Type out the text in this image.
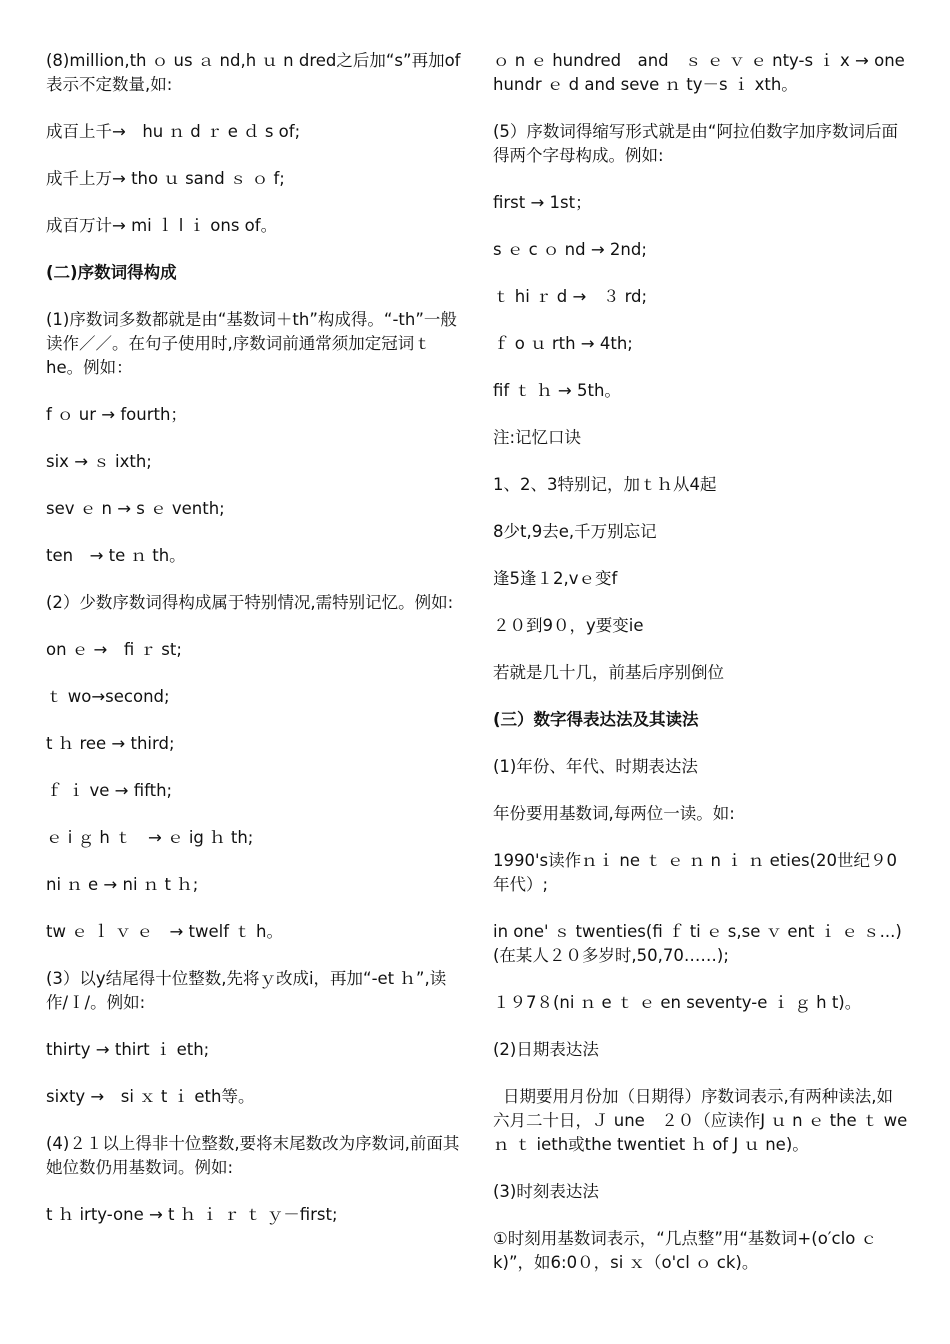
(8)million,th ｏ us ａ nd,h ｕ n dred之后加“s”再加of表示不定数量,如:

成百上千→　hu ｎ d ｒ e ｄ s of;

成千上万→ tho ｕ sand ｓ ｏ f;

成百万计→ mi ｌ l ｉ ons of。

(二)序数词得构成

(1)序数词多数都就是由“基数词＋th”构成得。“-th”一般读作／／。在句子使用时,序数词前通常须加定冠词ｔ he。例如：

f ｏ ur → fourth；

six → ｓ ixth;

sev ｅ n → s ｅ venth;

ten　→ te ｎ th。

(2）少数序数词得构成属于特别情况,需特别记忆。例如:

on ｅ →　fi ｒ st;

ｔ wo→second;

t ｈ ree → third;

ｆ ｉ ve → fifth;

ｅ i ｇ h ｔ　→ ｅ ig ｈ th;

ni ｎ e → ni ｎ t ｈ;

tw ｅ ｌ ｖ ｅ　→ twelf ｔ h。

(3）以y结尾得十位整数,先将ｙ改成i，再加“-et ｈ”,读作/Ｉ/。例如:

thirty → thirt ｉ eth;

sixty →　si ｘ t ｉ eth等。

(4)２１以上得非十位整数,要将末尾数改为序数词,前面其她位数仍用基数词。例如:

t ｈ irty-one → t ｈ ｉ ｒ ｔ ｙ－first;

ｏ n ｅ hundred　and　ｓ ｅ ｖ ｅ nty-s ｉ x → one hundr ｅ d and seve ｎ ty－s ｉ xth。

(5）序数词得缩写形式就是由“阿拉伯数字加序数词后面得两个字母构成。例如:

first → 1st；

s ｅ c ｏ nd → 2nd;

ｔ hi ｒ d →　３ rd;

ｆ o ｕ rth → 4th;

fif ｔ ｈ → 5th。

注:记忆口诀

1、2、3特别记，加ｔｈ从4起

8少t,9去e,千万别忘记

逢5逢１2,vｅ变f

２０到9０，y要变ie

若就是几十几，前基后序别倒位

(三）数字得表达法及其读法

(1)年份、年代、时期表达法

年份要用基数词,每两位一读。如:

1990's读作ｎｉ ne ｔ ｅ ｎ n ｉ ｎ eties(20世纪９0年代）;

in one' ｓ twenties(fi ｆ ti ｅ s,se ｖ ent ｉ ｅ ｓ...)(在某人２０多岁时,50,70……);

１９7８(ni ｎ e ｔ ｅ en seventy-e ｉ ｇ h t)。

(2)日期表达法

日期要用月份加（日期得）序数词表示,有两种读法,如六月二十日，Ｊ une　２０（应读作J ｕ n ｅ the ｔ we ｎ ｔ ieth或the twentiet ｈ of J ｕ ne)。

(3)时刻表达法

①时刻用基数词表示，“几点整”用“基数词+(o′clo ｃ k)”，如6:0０，si ｘ（o'cl ｏ ck)。
